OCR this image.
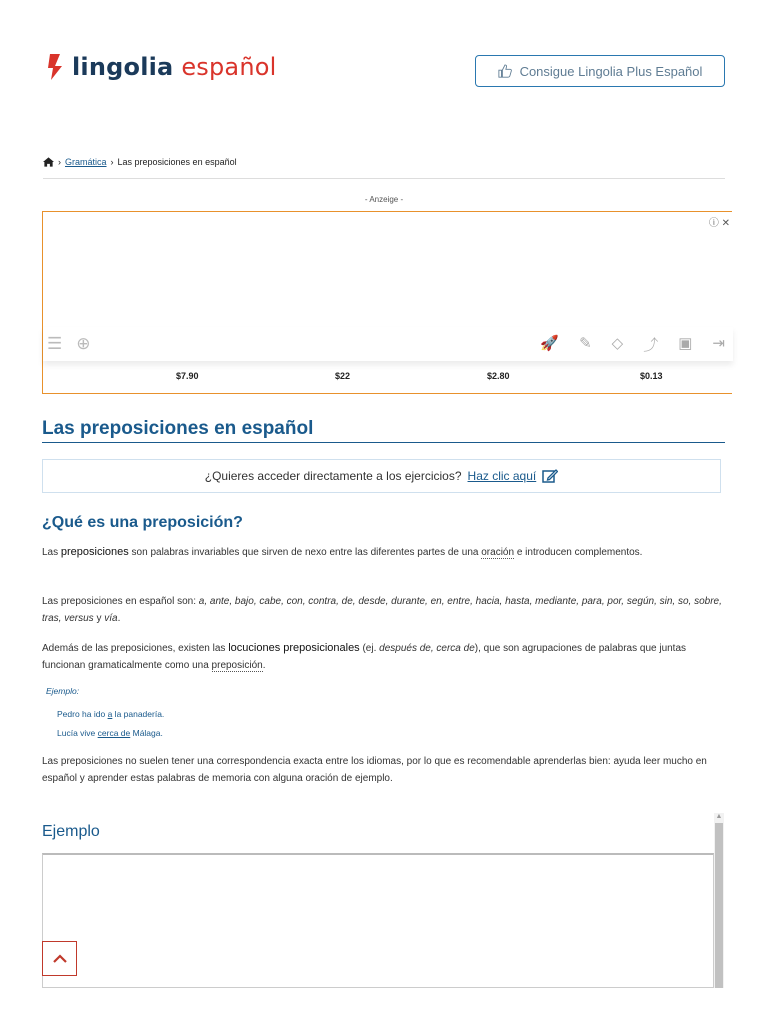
lingolia español	Consigue Lingolia Plus Español
› Gramática › Las preposiciones en español
- Anzeige -
ⓘ ✕
☰ ⊕	🚀 ✎ ◇ ⤴ ▣ ⇥
$7.90	$22	$2.80	$0.13
Las preposiciones en español
¿Quieres acceder directamente a los ejercicios? Haz clic aquí
¿Qué es una preposición?

Las preposiciones son palabras invariables que sirven de nexo entre las diferentes partes de una oración e introducen complementos.

Las preposiciones en español son: a, ante, bajo, cabe, con, contra, de, desde, durante, en, entre, hacia, hasta, mediante, para, por, según, sin, so, sobre, tras, versus y vía.

Además de las preposiciones, existen las locuciones preposicionales (ej. después de, cerca de), que son agrupaciones de palabras que juntas funcionan gramaticalmente como una preposición.

Ejemplo:
Pedro ha ido a la panadería.
Lucía vive cerca de Málaga.

Las preposiciones no suelen tener una correspondencia exacta entre los idiomas, por lo que es recomendable aprenderlas bien: ayuda leer mucho en español y aprender estas palabras de memoria con alguna oración de ejemplo.

Ejemplo
▲
